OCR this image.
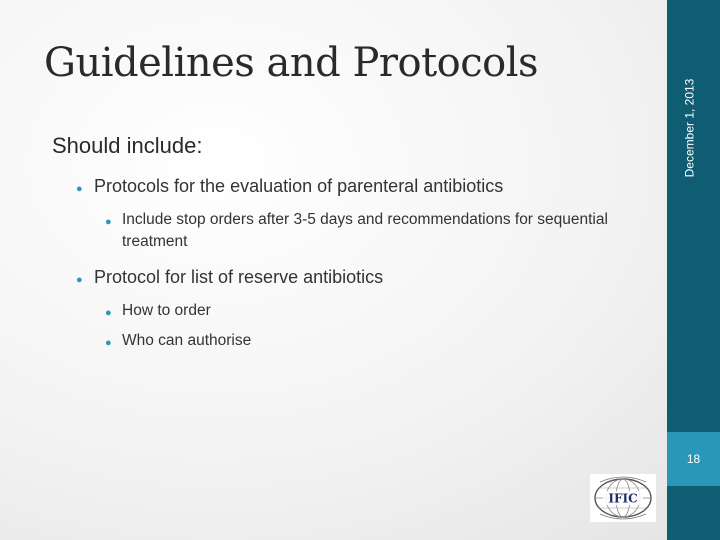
Guidelines and Protocols
Should include:
● Protocols for the evaluation of parenteral antibiotics
● Include stop orders after 3-5 days and recommendations for sequential treatment
● Protocol for list of reserve antibiotics
● How to order
● Who can authorise
December 1, 2013
18
IFIC
